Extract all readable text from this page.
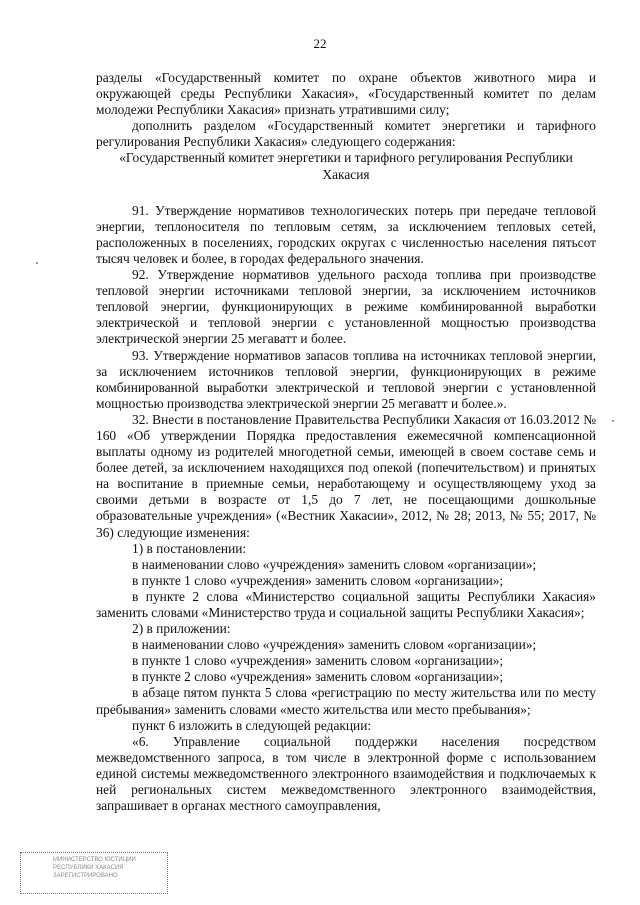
22

разделы «Государственный комитет по охране объектов животного мира и окружающей среды Республики Хакасия», «Государственный комитет по делам молодежи Республики Хакасия» признать утратившими силу;

дополнить разделом «Государственный комитет энергетики и тарифного регулирования Республики Хакасия» следующего содержания:

«Государственный комитет энергетики и тарифного регулирования Республики Хакасия

91. Утверждение нормативов технологических потерь при передаче тепловой энергии, теплоносителя по тепловым сетям, за исключением тепловых сетей, расположенных в поселениях, городских округах с численностью населения пятьсот тысяч человек и более, в городах федерального значения.

92. Утверждение нормативов удельного расхода топлива при производстве тепловой энергии источниками тепловой энергии, за исключением источников тепловой энергии, функционирующих в режиме комбинированной выработки электрической и тепловой энергии с установленной мощностью производства электрической энергии 25 мегаватт и более.

93. Утверждение нормативов запасов топлива на источниках тепловой энергии, за исключением источников тепловой энергии, функционирующих в режиме комбинированной выработки электрической и тепловой энергии с установленной мощностью производства электрической энергии 25 мегаватт и более.».

32. Внести в постановление Правительства Республики Хакасия от 16.03.2012 № 160 «Об утверждении Порядка предоставления ежемесячной компенсационной выплаты одному из родителей многодетной семьи, имеющей в своем составе семь и более детей, за исключением находящихся под опекой (попечительством) и принятых на воспитание в приемные семьи, неработающему и осуществляющему уход за своими детьми в возрасте от 1,5 до 7 лет, не посещающими дошкольные образовательные учреждения» («Вестник Хакасии», 2012, № 28; 2013, № 55; 2017, № 36) следующие изменения:

1) в постановлении:

в наименовании слово «учреждения» заменить словом «организации»;

в пункте 1 слово «учреждения» заменить словом «организации»;

в пункте 2 слова «Министерство социальной защиты Республики Хакасия» заменить словами «Министерство труда и социальной защиты Республики Хакасия»;

2) в приложении:

в наименовании слово «учреждения» заменить словом «организации»;

в пункте 1 слово «учреждения» заменить словом «организации»;

в пункте 2 слово «учреждения» заменить словом «организации»;

в абзаце пятом пункта 5 слова «регистрацию по месту жительства или по месту пребывания» заменить словами «место жительства или место пребывания»;

пункт 6 изложить в следующей редакции:

«6. Управление социальной поддержки населения посредством межведомственного запроса, в том числе в электронной форме с использованием единой системы межведомственного электронного взаимодействия и подключаемых к ней региональных систем межведомственного электронного взаимодействия, запрашивает в органах местного самоуправления,

МИНИСТЕРСТВО ЮСТИЦИИ РЕСПУБЛИКИ ХАКАСИЯ ЗАРЕГИСТРИРОВАНО
